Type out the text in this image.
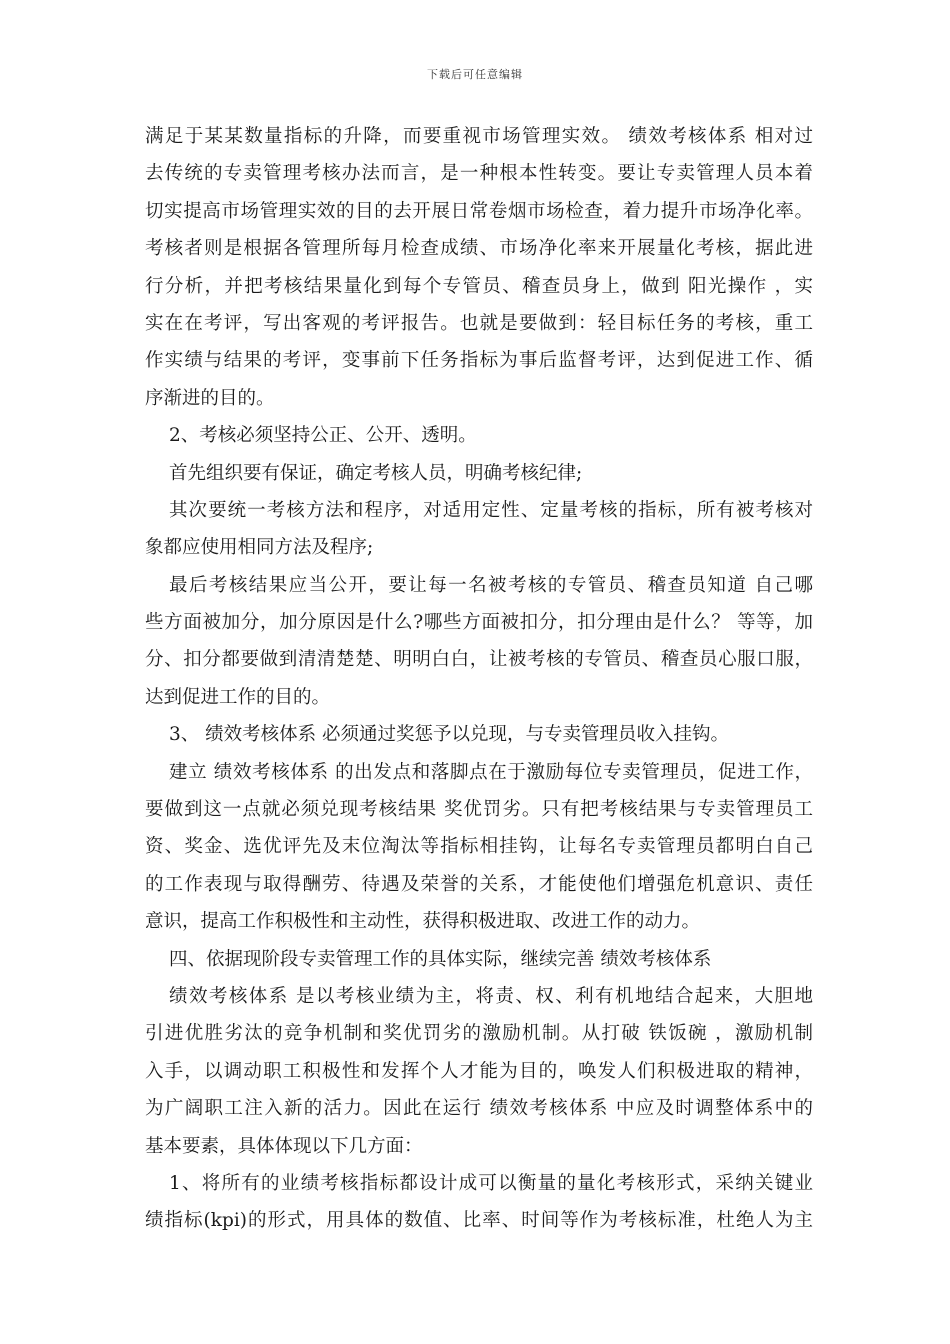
下载后可任意编辑
满足于某某数量指标的升降，而要重视市场管理实效。 绩效考核体系 相对过
去传统的专卖管理考核办法而言，是一种根本性转变。要让专卖管理人员本着
切实提高市场管理实效的目的去开展日常卷烟市场检查，着力提升市场净化率。
考核者则是根据各管理所每月检查成绩、市场净化率来开展量化考核，据此进
行分析，并把考核结果量化到每个专管员、稽查员身上，做到 阳光操作 ，实
实在在考评，写出客观的考评报告。也就是要做到：轻目标任务的考核，重工
作实绩与结果的考评，变事前下任务指标为事后监督考评，达到促进工作、循
序渐进的目的。
2、考核必须坚持公正、公开、透明。
首先组织要有保证，确定考核人员，明确考核纪律;
其次要统一考核方法和程序，对适用定性、定量考核的指标，所有被考核对
象都应使用相同方法及程序;
最后考核结果应当公开，要让每一名被考核的专管员、稽查员知道 自己哪
些方面被加分，加分原因是什么?哪些方面被扣分，扣分理由是什么？ 等等，加
分、扣分都要做到清清楚楚、明明白白，让被考核的专管员、稽查员心服口服，
达到促进工作的目的。
3、 绩效考核体系 必须通过奖惩予以兑现，与专卖管理员收入挂钩。
建立 绩效考核体系 的出发点和落脚点在于激励每位专卖管理员，促进工作，
要做到这一点就必须兑现考核结果 奖优罚劣。只有把考核结果与专卖管理员工
资、奖金、选优评先及末位淘汰等指标相挂钩，让每名专卖管理员都明白自己
的工作表现与取得酬劳、待遇及荣誉的关系，才能使他们增强危机意识、责任
意识，提高工作积极性和主动性，获得积极进取、改进工作的动力。
四、依据现阶段专卖管理工作的具体实际，继续完善 绩效考核体系
绩效考核体系 是以考核业绩为主，将责、权、利有机地结合起来，大胆地
引进优胜劣汰的竞争机制和奖优罚劣的激励机制。从打破 铁饭碗 ，激励机制
入手，以调动职工积极性和发挥个人才能为目的，唤发人们积极进取的精神，
为广阔职工注入新的活力。因此在运行 绩效考核体系 中应及时调整体系中的
基本要素，具体体现以下几方面：
1、将所有的业绩考核指标都设计成可以衡量的量化考核形式，采纳关键业
绩指标(kpi)的形式，用具体的数值、比率、时间等作为考核标准，杜绝人为主
